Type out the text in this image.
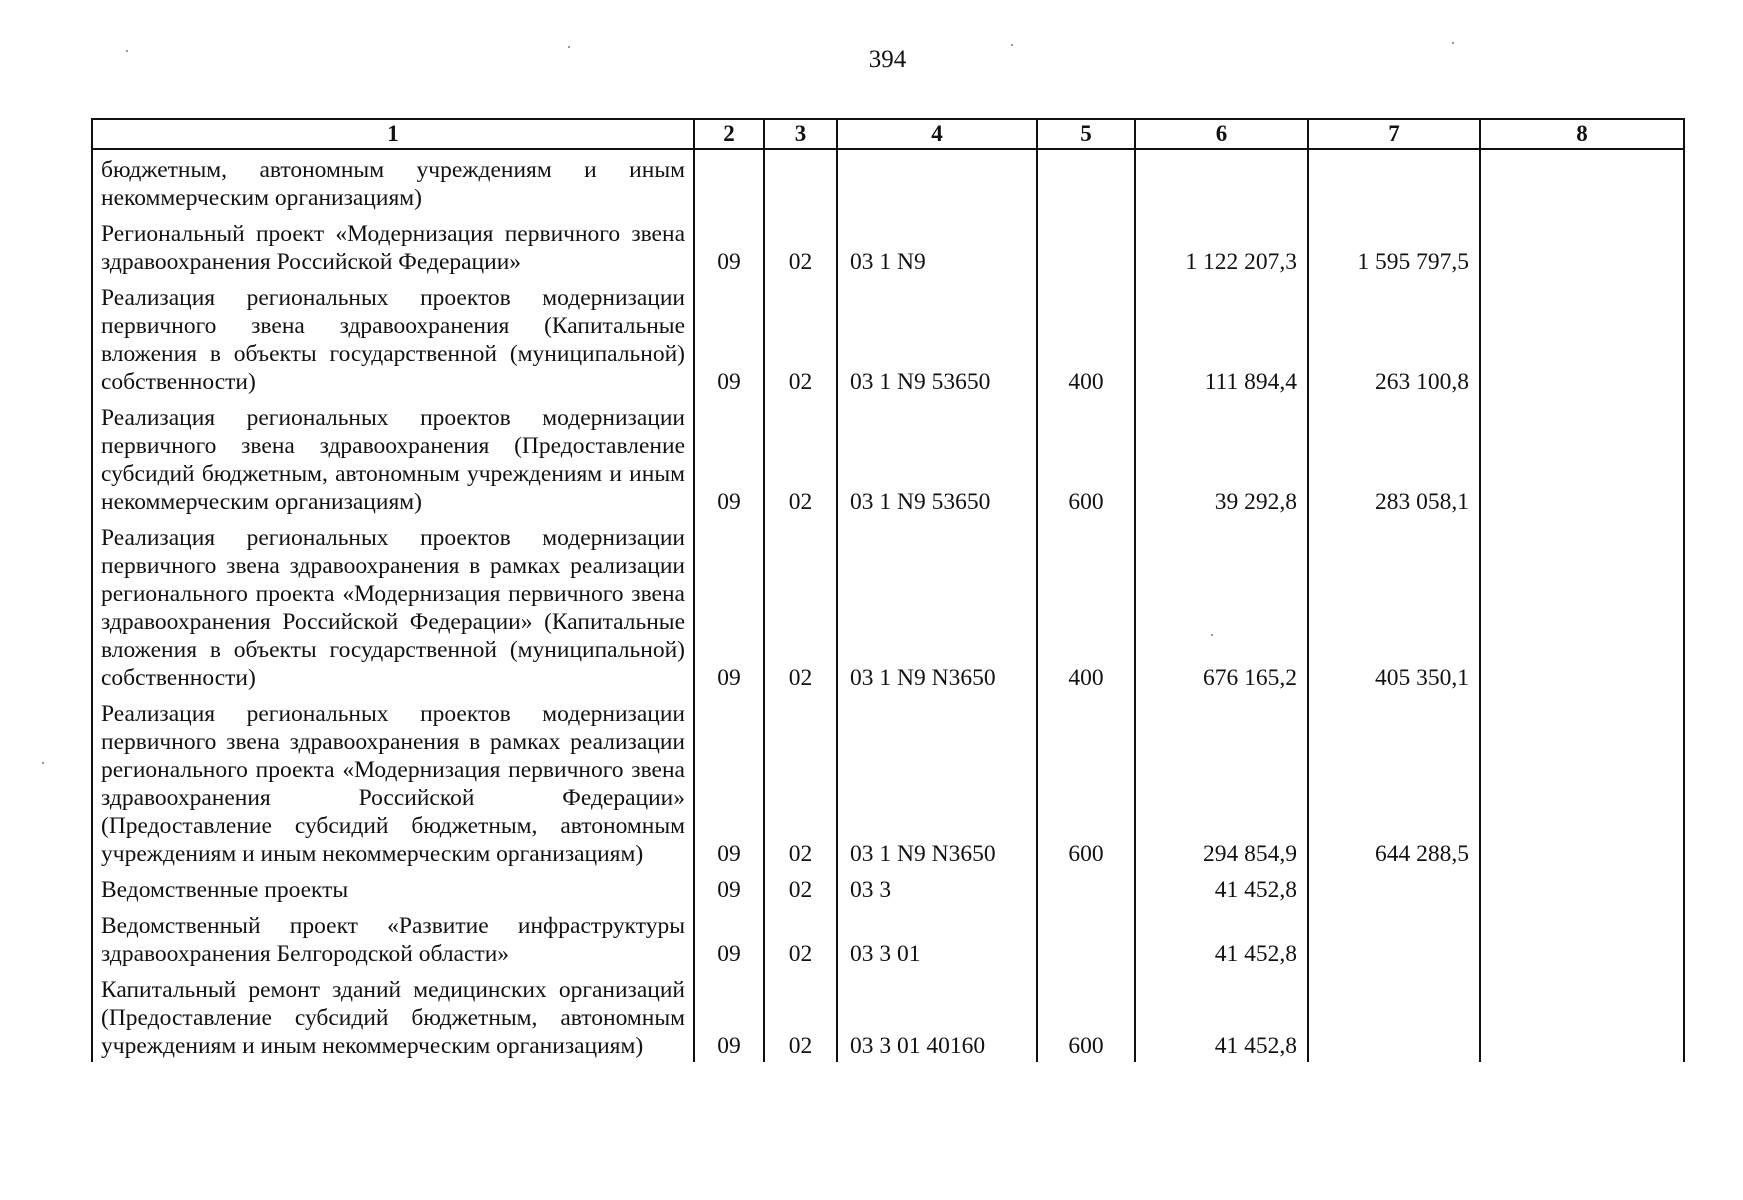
394
1	2	3	4	5	6	7	8
бюджетным, автономным учреждениям и иным некоммерческим организациям)							
Региональный проект «Модернизация первичного звена здравоохранения Российской Федерации»	09	02	03 1 N9		1 122 207,3	1 595 797,5	
Реализация региональных проектов модернизации первичного звена здравоохранения (Капитальные вложения в объекты государственной (муниципальной) собственности)	09	02	03 1 N9 53650	400	111 894,4	263 100,8	
Реализация региональных проектов модернизации первичного звена здравоохранения (Предоставление субсидий бюджетным, автономным учреждениям и иным некоммерческим организациям)	09	02	03 1 N9 53650	600	39 292,8	283 058,1	
Реализация региональных проектов модернизации первичного звена здравоохранения в рамках реализации регионального проекта «Модернизация первичного звена здравоохранения Российской Федерации» (Капитальные вложения в объекты государственной (муниципальной) собственности)	09	02	03 1 N9 N3650	400	676 165,2	405 350,1	
Реализация региональных проектов модернизации первичного звена здравоохранения в рамках реализации регионального проекта «Модернизация первичного звена здравоохранения Российской Федерации» (Предоставление субсидий бюджетным, автономным учреждениям и иным некоммерческим организациям)	09	02	03 1 N9 N3650	600	294 854,9	644 288,5	
Ведомственные проекты	09	02	03 3		41 452,8		
Ведомственный проект «Развитие инфраструктуры здравоохранения Белгородской области»	09	02	03 3 01		41 452,8		
Капитальный ремонт зданий медицинских организаций (Предоставление субсидий бюджетным, автономным учреждениям и иным некоммерческим организациям)	09	02	03 3 01 40160	600	41 452,8		
